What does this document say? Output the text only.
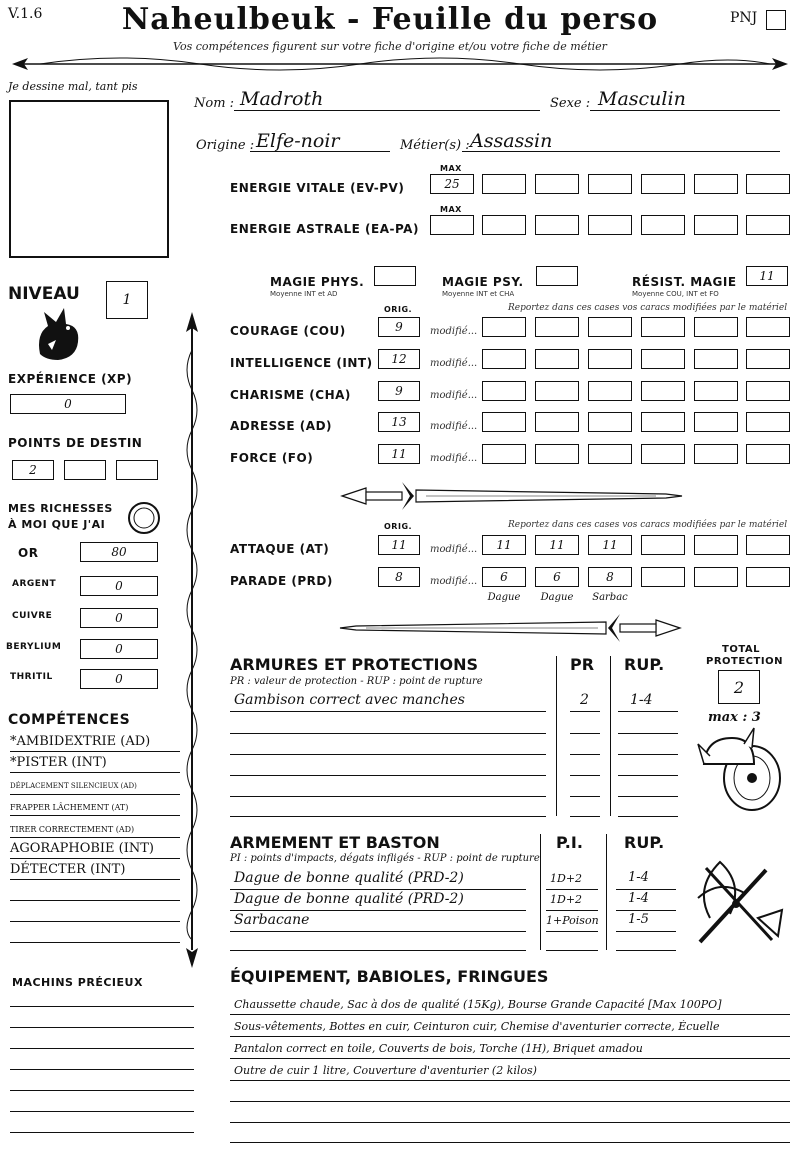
V.1.6	Naheulbeuk - Feuille du perso	PNJ
Vos compétences figurent sur votre fiche d'origine et/ou votre fiche de métier
Je dessine mal, tant pis
Nom : Madroth	Sexe : Masculin
Origine : Elfe-noir	Métier(s) : Assassin
MAX
ENERGIE VITALE (EV-PV)	25
MAX
ENERGIE ASTRALE (EA-PA)
MAGIE PHYS.
Moyenne INT et AD
MAGIE PSY.
Moyenne INT et CHA
RÉSIST. MAGIE
Moyenne COU, INT et FO
11
ORIG.	Reportez dans ces cases vos caracs modifiées par le matériel
COURAGE (COU)	9	modifié...
INTELLIGENCE (INT)	12	modifié...
CHARISME (CHA)	9	modifié...
ADRESSE (AD)	13	modifié...
FORCE (FO)	11	modifié...
ORIG.	Reportez dans ces cases vos caracs modifiées par le matériel
ATTAQUE (AT)	11	modifié...	11	11	11
PARADE (PRD)	8	modifié...	6	6	8
Dague	Dague	Sarbac
ARMURES ET PROTECTIONS
PR : valeur de protection - RUP : point de rupture
PR RUP.
Gambison correct avec manches	2	1-4
TOTAL
PROTECTION
2
max : 3
ARMEMENT ET BASTON
PI : points d'impacts, dégats infligés - RUP : point de rupture
P.I.	RUP.
Dague de bonne qualité (PRD-2)	1D+2	1-4
Dague de bonne qualité (PRD-2)	1D+2	1-4
Sarbacane	1+Poison 1-5
ÉQUIPEMENT, BABIOLES, FRINGUES
Chaussette chaude, Sac à dos de qualité (15Kg), Bourse Grande Capacité [Max 100PO]
Sous-vêtements, Bottes en cuir, Ceinturon cuir, Chemise d'aventurier correcte, Écuelle
Pantalon correct en toile, Couverts de bois, Torche (1H), Briquet amadou
Outre de cuir 1 litre, Couverture d'aventurier (2 kilos)
NIVEAU	1
EXPÉRIENCE (XP)
0
POINTS DE DESTIN
2
MES RICHESSES
À MOI QUE J'AI
OR	80
ARGENT	0
CUIVRE	0
BERYLIUM	0
THRITIL	0
COMPÉTENCES
*AMBIDEXTRIE (AD)
*PISTER (INT)
DÉPLACEMENT SILENCIEUX (AD)
FRAPPER LÂCHEMENT (AT)
TIRER CORRECTEMENT (AD)
AGORAPHOBIE (INT)
DÉTECTER (INT)
MACHINS PRÉCIEUX
